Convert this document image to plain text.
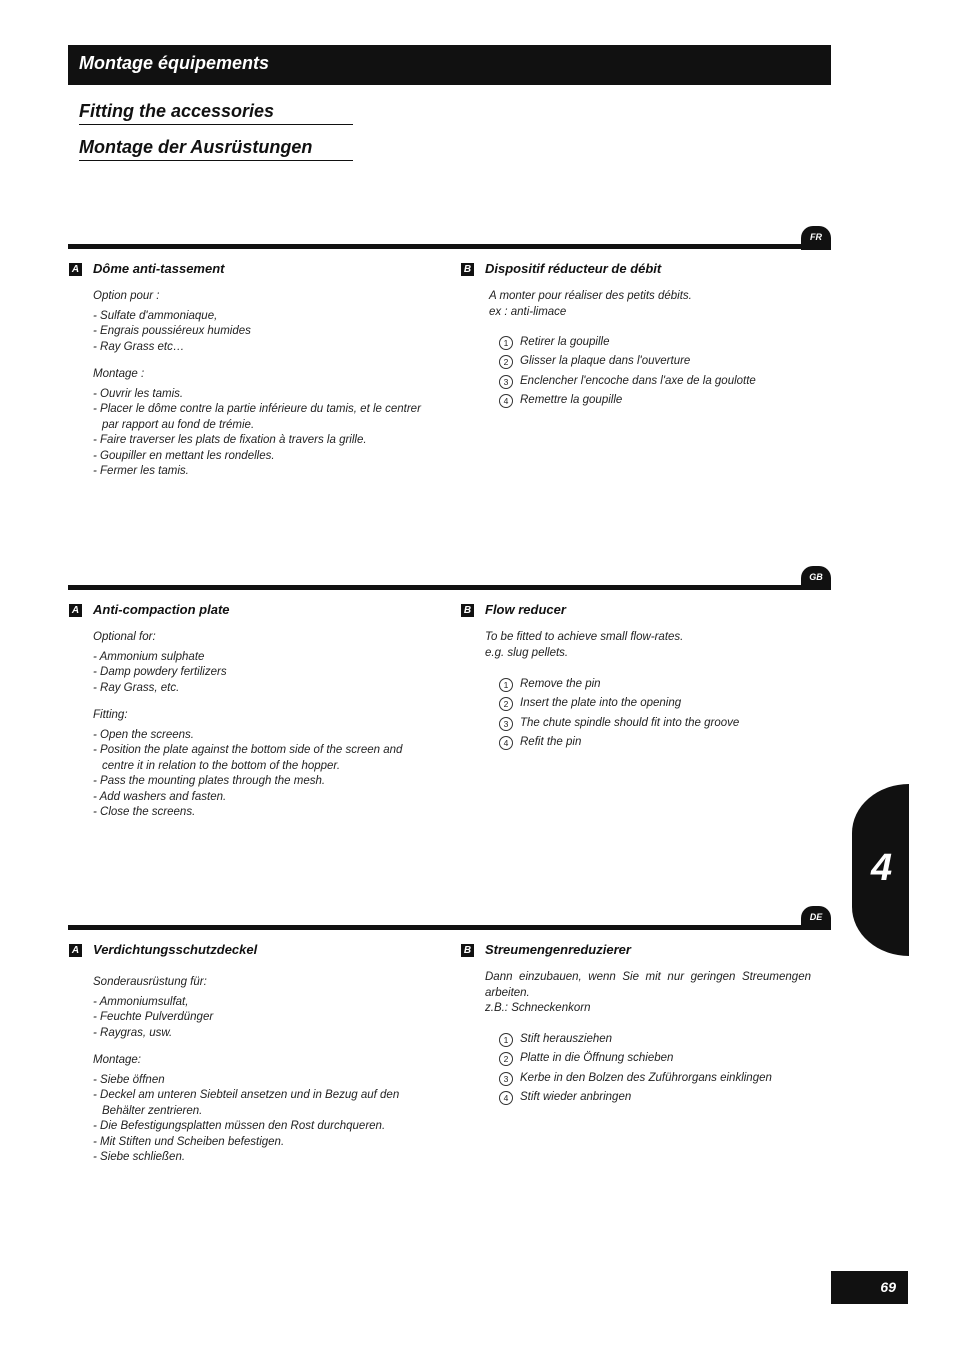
Montage équipements
Fitting the accessories
Montage der Ausrüstungen
FR
A Dôme anti-tassement

Option pour :

- Sulfate d'ammoniaque,

- Engrais poussiéreux humides

- Ray Grass etc…

Montage :

- Ouvrir les tamis.

- Placer le dôme contre la partie inférieure du tamis, et le centrer par rapport au fond de trémie.

- Faire traverser les plats de fixation à travers la grille.

- Goupiller en mettant les rondelles.

- Fermer les tamis.

B Dispositif réducteur de débit

A monter pour réaliser des petits débits.

ex : anti-limace

1	Retirer la goupille
2	Glisser la plaque dans l'ouverture
3	Enclencher l'encoche dans l'axe de la goulotte
4	Remettre la goupille
GB
A Anti-compaction plate

Optional for:

- Ammonium sulphate

- Damp powdery fertilizers

- Ray Grass, etc.

Fitting:

- Open the screens.

- Position the plate against the bottom side of the screen and centre it in relation to the bottom of the hopper.

- Pass the mounting plates through the mesh.

- Add washers and fasten.

- Close the screens.

B Flow reducer

To be fitted to achieve small flow-rates.

e.g. slug pellets.

1	Remove the pin
2	Insert the plate into the opening
3	The chute spindle should fit into the groove
4	Refit the pin
DE
A Verdichtungsschutzdeckel

Sonderausrüstung für:

- Ammoniumsulfat,

- Feuchte Pulverdünger

- Raygras, usw.

Montage:

- Siebe öffnen

- Deckel am unteren Siebteil ansetzen und in Bezug auf den Behälter zentrieren.

- Die Befestigungsplatten müssen den Rost durchqueren.

- Mit Stiften und Scheiben befestigen.

- Siebe schließen.

B Streumengenreduzierer

Dann einzubauen, wenn Sie mit nur geringen Streumengen arbeiten.

z.B.: Schneckenkorn

1	Stift herausziehen
2	Platte in die Öffnung schieben
3	Kerbe in den Bolzen des Zuführorgans einklingen
4	Stift wieder anbringen
4
69
